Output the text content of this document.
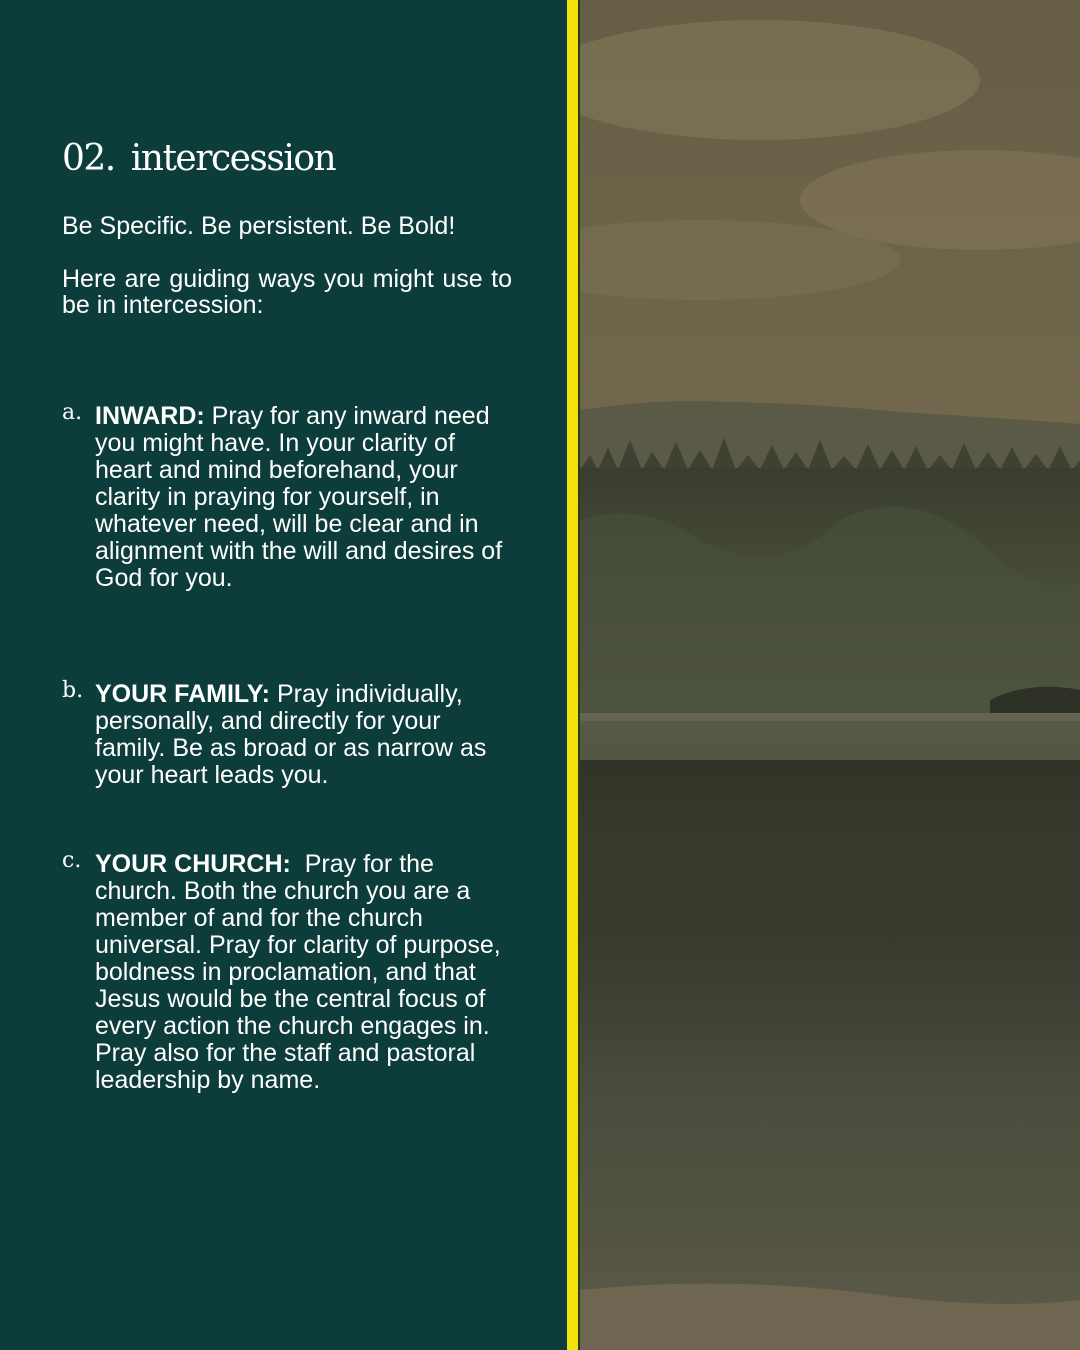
02. intercession

Be Specific. Be persistent. Be Bold!

Here are guiding ways you might use to be in intercession:

a. INWARD: Pray for any inward need you might have. In your clarity of heart and mind beforehand, your clarity in praying for yourself, in whatever need, will be clear and in alignment with the will and desires of God for you.

b. YOUR FAMILY: Pray individually, personally, and directly for your family. Be as broad or as narrow as your heart leads you.

c. YOUR CHURCH: Pray for the church. Both the church you are a member of and for the church universal. Pray for clarity of purpose, boldness in proclamation, and that Jesus would be the central focus of every action the church engages in. Pray also for the staff and pastoral leadership by name.
